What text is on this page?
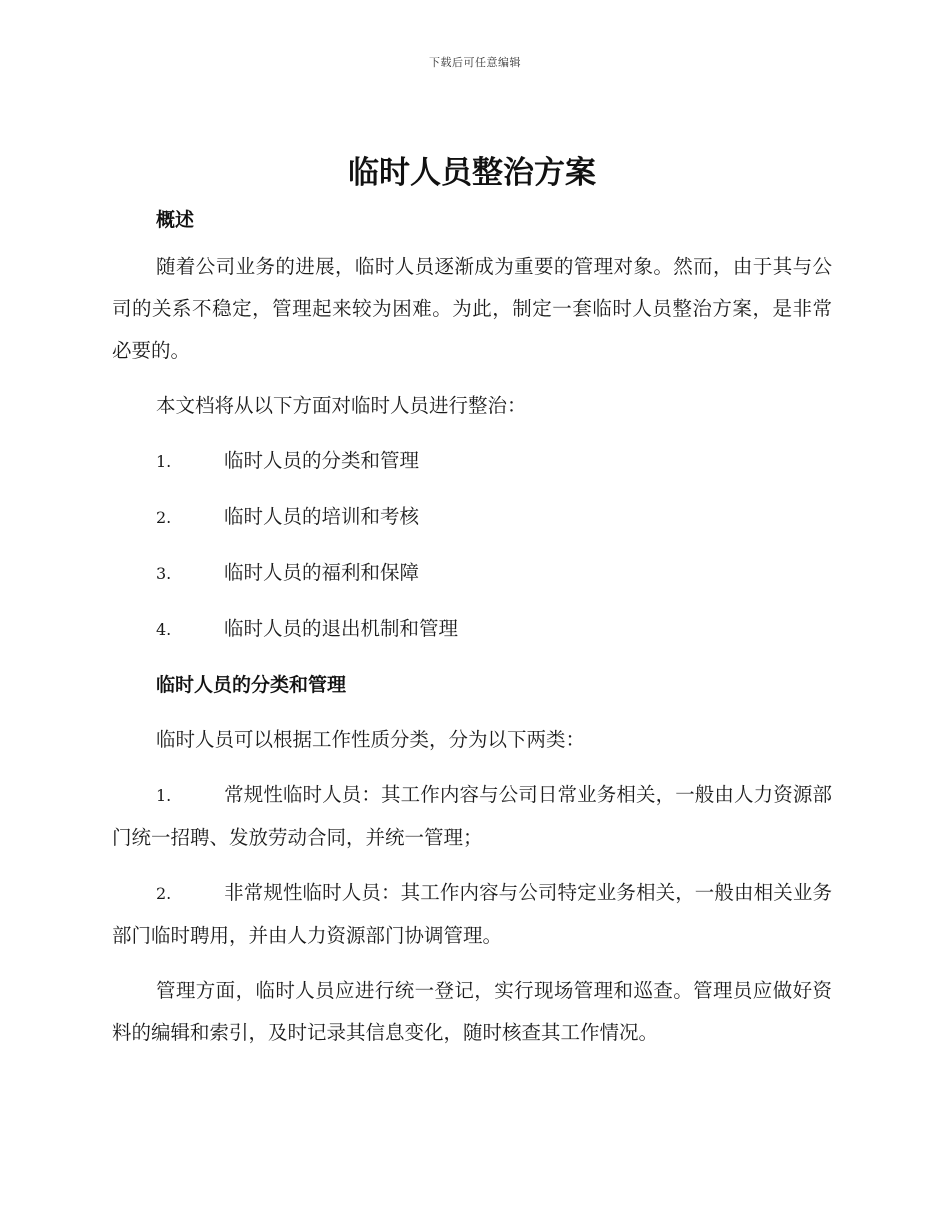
下载后可任意编辑
临时人员整治方案
概述

随着公司业务的进展，临时人员逐渐成为重要的管理对象。然而，由于其与公司的关系不稳定，管理起来较为困难。为此，制定一套临时人员整治方案，是非常必要的。

本文档将从以下方面对临时人员进行整治：

1.	临时人员的分类和管理

2.	临时人员的培训和考核

3.	临时人员的福利和保障

4.	临时人员的退出机制和管理

临时人员的分类和管理

临时人员可以根据工作性质分类，分为以下两类：

1.	常规性临时人员：其工作内容与公司日常业务相关，一般由人力资源部门统一招聘、发放劳动合同，并统一管理；

2.	非常规性临时人员：其工作内容与公司特定业务相关，一般由相关业务部门临时聘用，并由人力资源部门协调管理。

管理方面，临时人员应进行统一登记，实行现场管理和巡查。管理员应做好资料的编辑和索引，及时记录其信息变化，随时核查其工作情况。
